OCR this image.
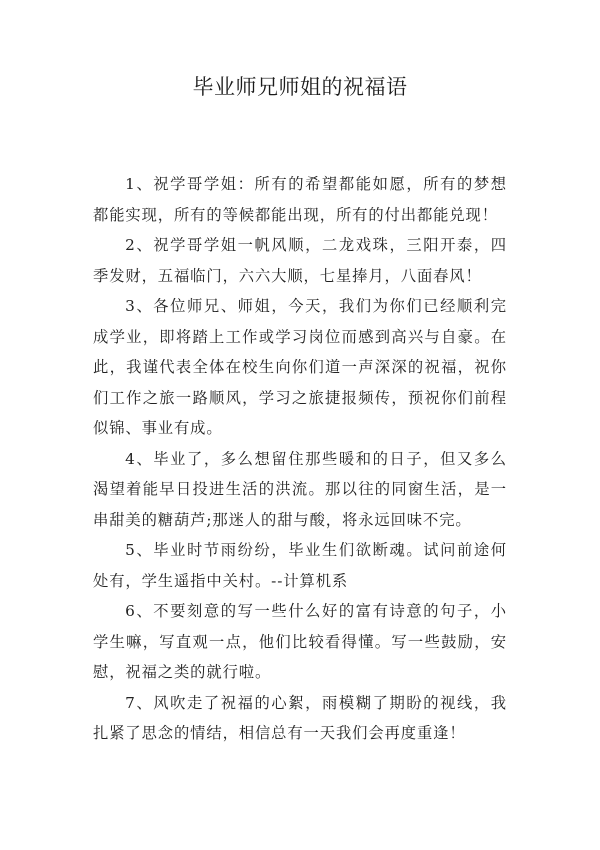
毕业师兄师姐的祝福语

1、祝学哥学姐：所有的希望都能如愿，所有的梦想都能实现，所有的等候都能出现，所有的付出都能兑现！

2、祝学哥学姐一帆风顺，二龙戏珠，三阳开泰，四季发财，五福临门，六六大顺，七星捧月，八面春风！

3、各位师兄、师姐，今天，我们为你们已经顺利完成学业，即将踏上工作或学习岗位而感到高兴与自豪。在此，我谨代表全体在校生向你们道一声深深的祝福，祝你们工作之旅一路顺风，学习之旅捷报频传，预祝你们前程似锦、事业有成。

4、毕业了，多么想留住那些暖和的日子，但又多么渴望着能早日投进生活的洪流。那以往的同窗生活，是一串甜美的糖葫芦;那迷人的甜与酸，将永远回味不完。

5、毕业时节雨纷纷，毕业生们欲断魂。试问前途何处有，学生遥指中关村。--计算机系

6、不要刻意的写一些什么好的富有诗意的句子，小学生嘛，写直观一点，他们比较看得懂。写一些鼓励，安慰，祝福之类的就行啦。

7、风吹走了祝福的心絮，雨模糊了期盼的视线，我扎紧了思念的情结，相信总有一天我们会再度重逢！
